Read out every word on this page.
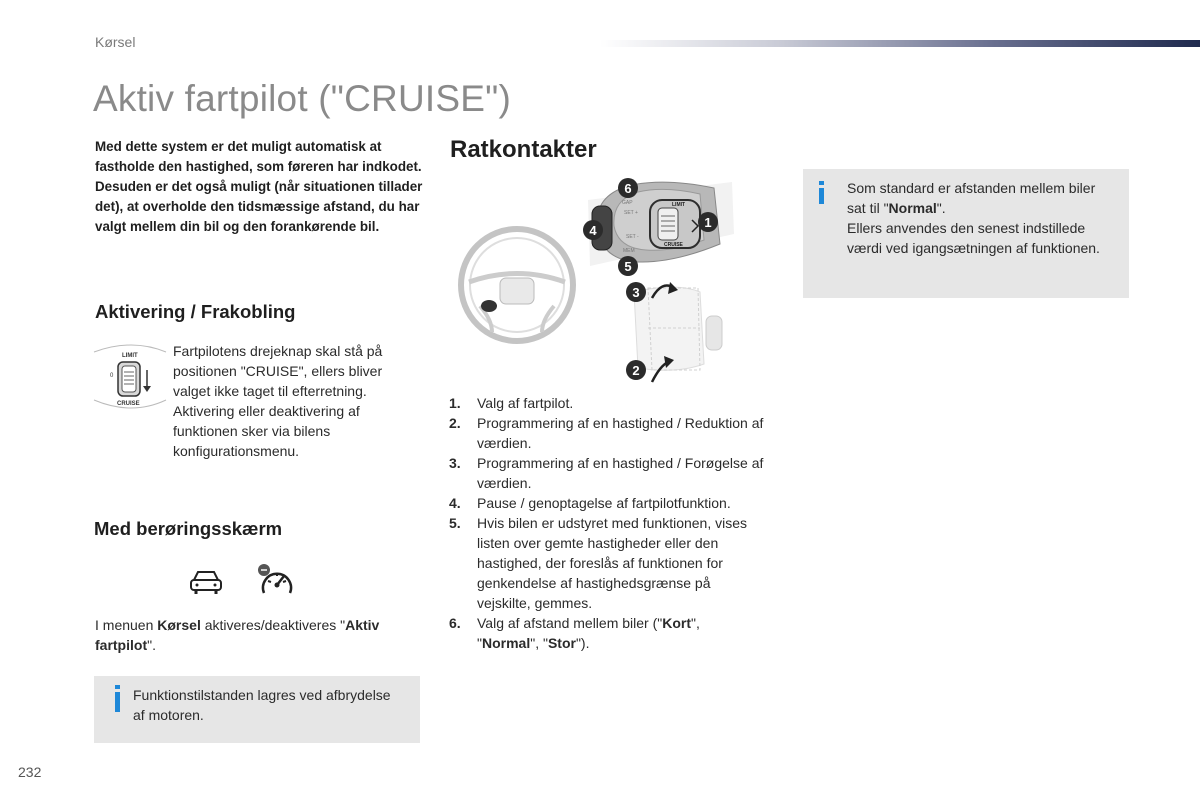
Kørsel
Aktiv fartpilot ("CRUISE")

Med dette system er det muligt automatisk at fastholde den hastighed, som føreren har indkodet.

Desuden er det også muligt (når situationen tillader det), at overholde den tidsmæssige afstand, du har valgt mellem din bil og den forankørende bil.

Aktivering / Frakobling
LIMIT
0
CRUISE
Fartpilotens drejeknap skal stå på positionen "CRUISE", ellers bliver valget ikke taget til efterretning. Aktivering eller deaktivering af funktionen sker via bilens konfigurationsmenu.
Med berøringsskærm
I menuen Kørsel aktiveres/deaktiveres "Aktiv fartpilot".
Funktionstilstanden lagres ved afbrydelse af motoren.
Ratkontakter
LIMIT
CRUISE
SET +
SET -
MEM
GAP
1
6
4
5
3
2
1. Valg af fartpilot.
2. Programmering af en hastighed / Reduktion af værdien.
3. Programmering af en hastighed / Forøgelse af værdien.
4. Pause / genoptagelse af fartpilotfunktion.
5. Hvis bilen er udstyret med funktionen, vises listen over gemte hastigheder eller den hastighed, der foreslås af funktionen for genkendelse af hastighedsgrænse på vejskilte, gemmes.
6. Valg af afstand mellem biler ("Kort", "Normal", "Stor").
Som standard er afstanden mellem biler sat til "Normal".
Ellers anvendes den senest indstillede værdi ved igangsætningen af funktionen.
232
